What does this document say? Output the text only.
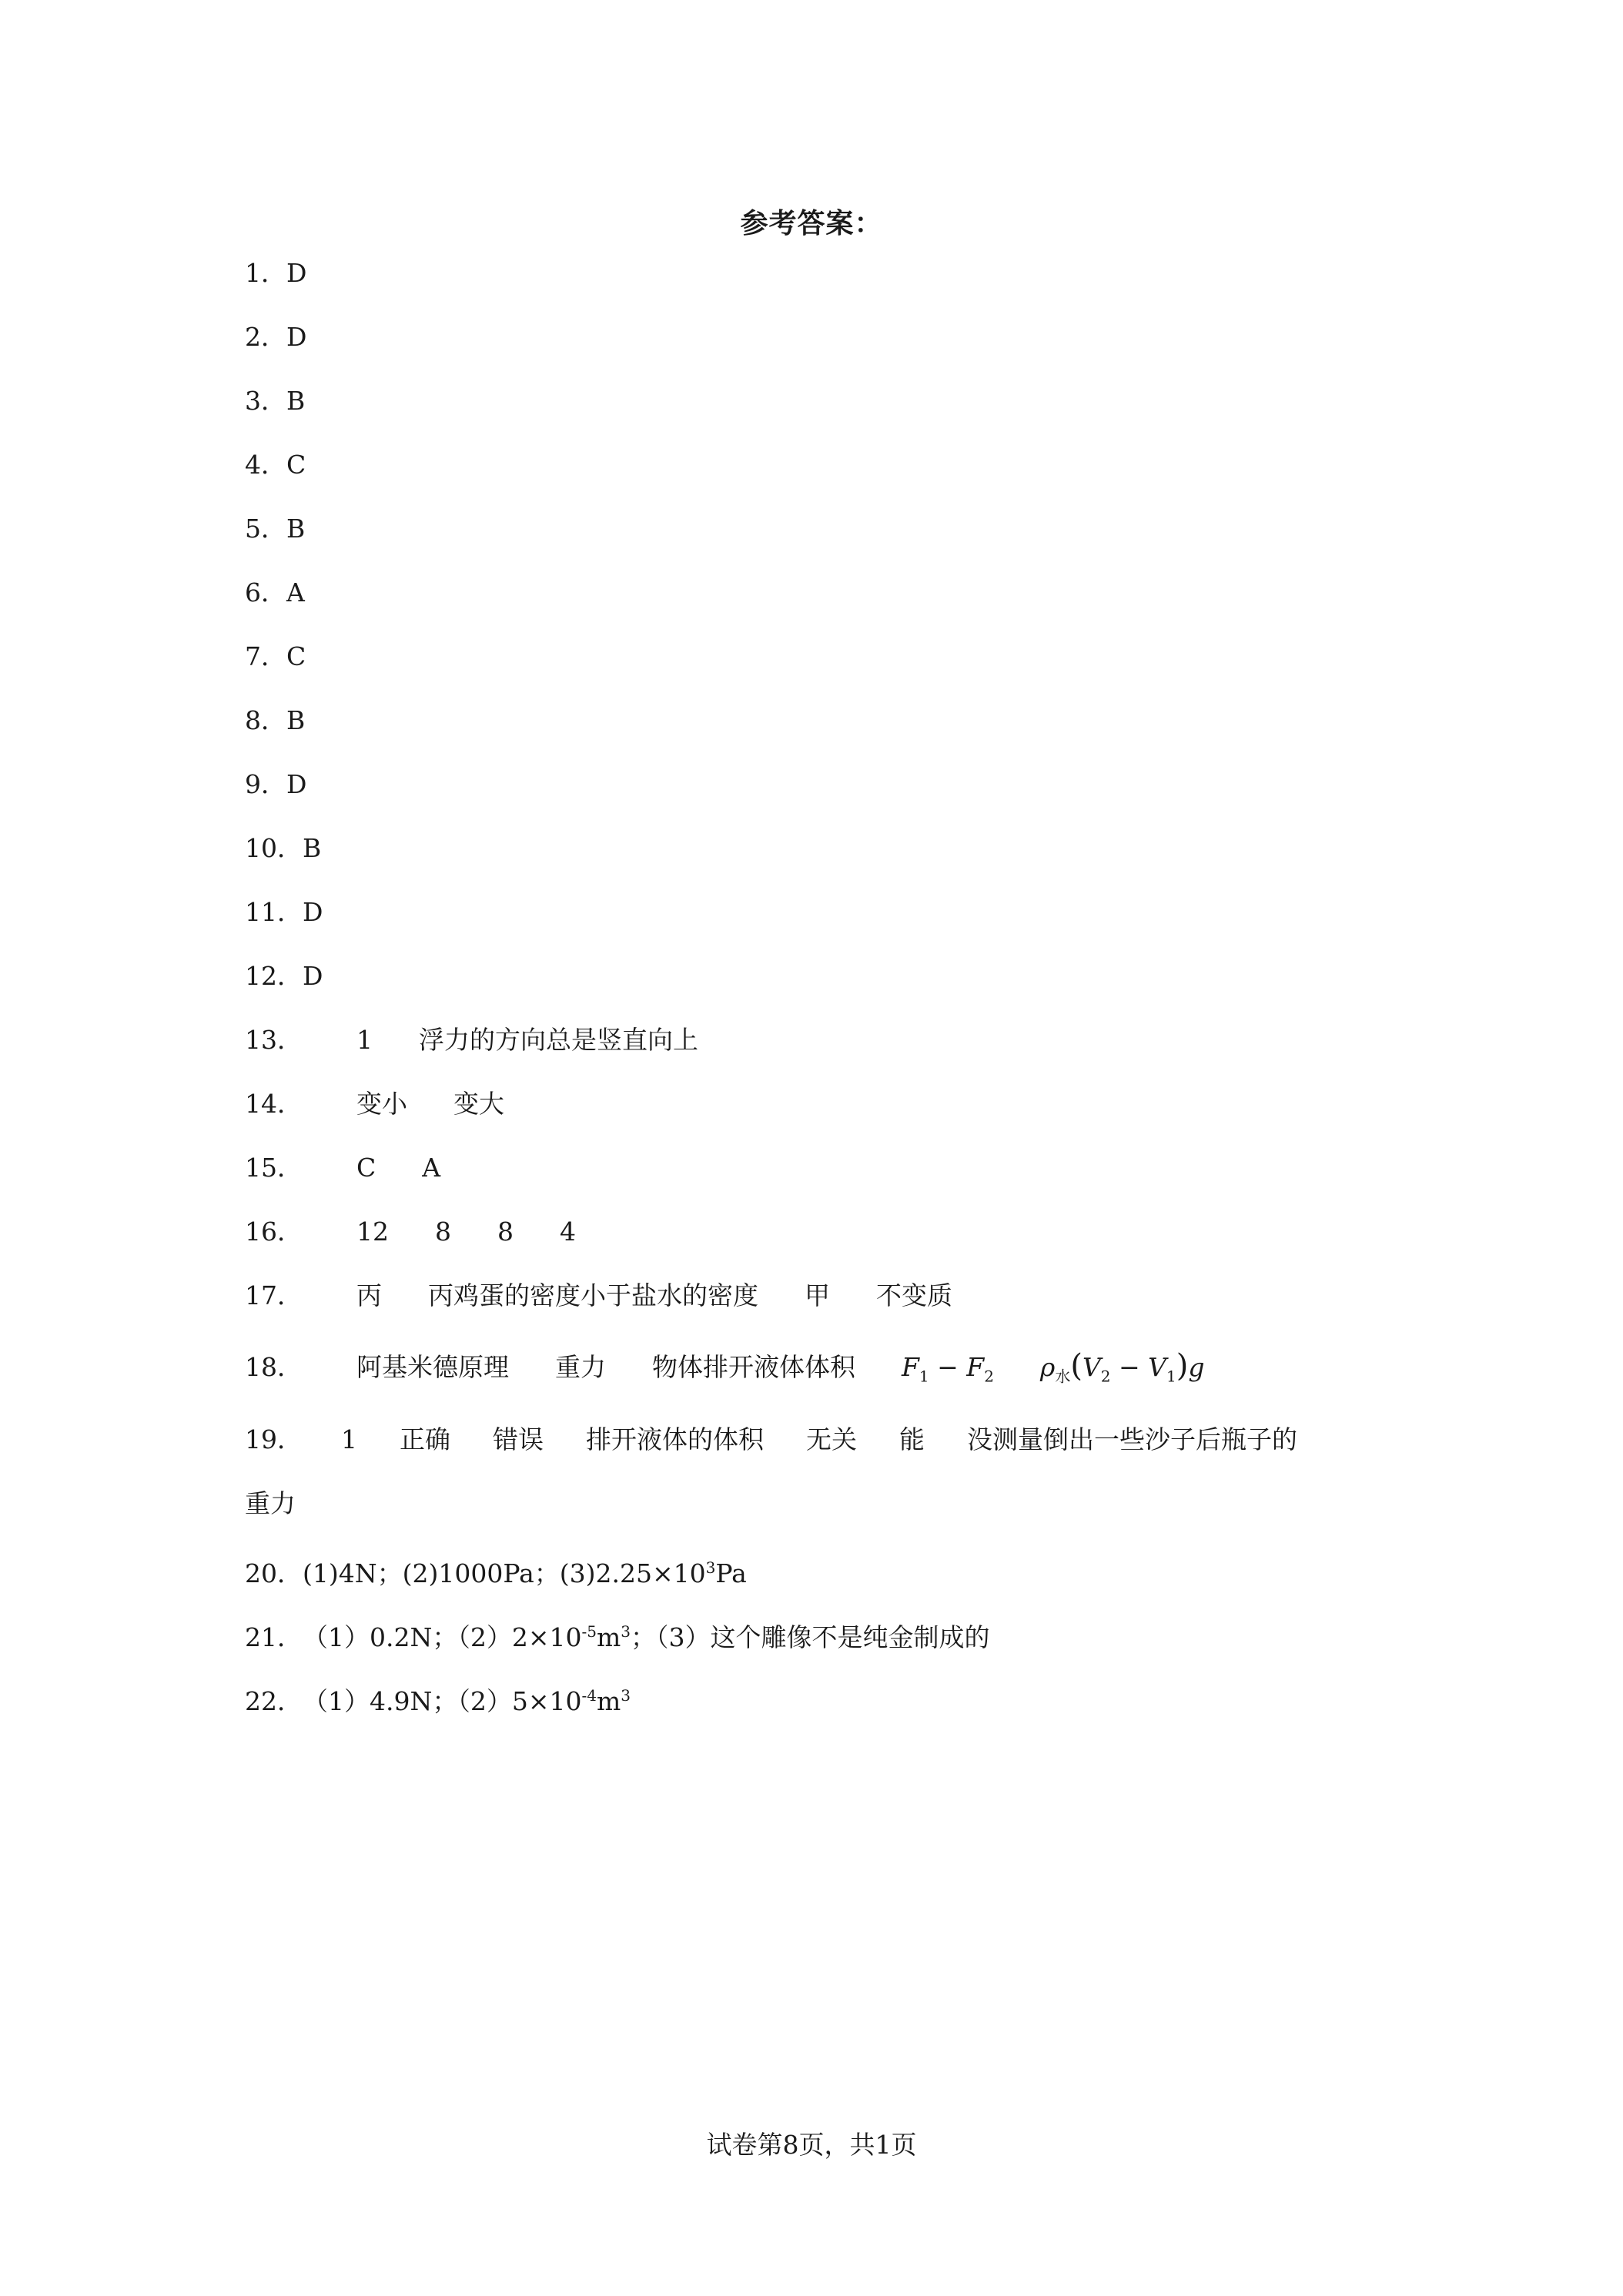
参考答案：
1．D
2．D
3．B
4．C
5．B
6．A
7．C
8．B
9．D
10．B
11．D
12．D
13． 1 浮力的方向总是竖直向上
14． 变小 变大
15． C A
16． 12 8 8 4
17． 丙 丙鸡蛋的密度小于盐水的密度 甲 不变质
18． 阿基米德原理 重力 物体排开液体体积 $F_1 - F_2$ $\rho_水(V_2 - V_1)g$
19． 1 正确 错误 排开液体的体积 无关 能 没测量倒出一些沙子后瓶子的
重力
20．(1)4N；(2)1000Pa；$(3)2.25\times 10^3Pa$
21．（1）0.2N；$(2)2\times 10^{-5}m^3$；（3）这个雕像不是纯金制成的
22．（1）4.9N；$(2)5\times 10^{-4}m^3$
试卷第8页，共1页
